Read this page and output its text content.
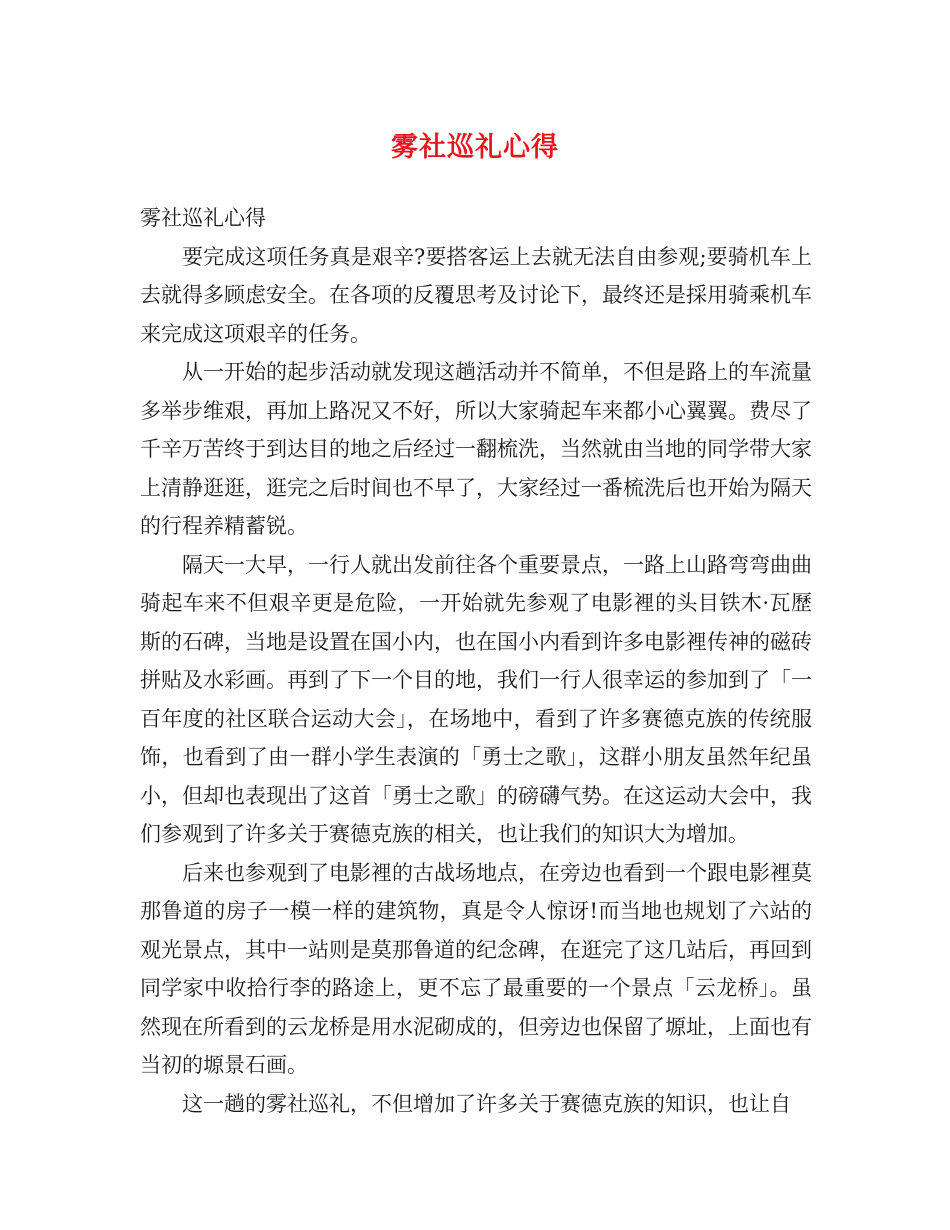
雾社巡礼心得

雾社巡礼心得

要完成这项任务真是艰辛?要搭客运上去就无法自由参观;要骑机车上去就得多顾虑安全。在各项的反覆思考及讨论下，最终还是採用骑乘机车来完成这项艰辛的任务。

从一开始的起步活动就发现这趟活动并不简单，不但是路上的车流量多举步维艰，再加上路况又不好，所以大家骑起车来都小心翼翼。费尽了千辛万苦终于到达目的地之后经过一翻梳洗，当然就由当地的同学带大家上清静逛逛，逛完之后时间也不早了，大家经过一番梳洗后也开始为隔天的行程养精蓄锐。

隔天一大早，一行人就出发前往各个重要景点，一路上山路弯弯曲曲骑起车来不但艰辛更是危险，一开始就先参观了电影裡的头目铁木·瓦歷斯的石碑，当地是设置在国小内，也在国小内看到许多电影裡传神的磁砖拼贴及水彩画。再到了下一个目的地，我们一行人很幸运的参加到了「一百年度的社区联合运动大会」，在场地中，看到了许多赛德克族的传统服饰，也看到了由一群小学生表演的「勇士之歌」，这群小朋友虽然年纪虽小，但却也表现出了这首「勇士之歌」的磅礴气势。在这运动大会中，我们参观到了许多关于赛德克族的相关，也让我们的知识大为增加。

后来也参观到了电影裡的古战场地点，在旁边也看到一个跟电影裡莫那鲁道的房子一模一样的建筑物，真是令人惊讶!而当地也规划了六站的观光景点，其中一站则是莫那鲁道的纪念碑，在逛完了这几站后，再回到同学家中收拾行李的路途上，更不忘了最重要的一个景点「云龙桥」。虽然现在所看到的云龙桥是用水泥砌成的，但旁边也保留了塬址，上面也有当初的塬景石画。

这一趟的雾社巡礼，不但增加了许多关于赛德克族的知识，也让自
